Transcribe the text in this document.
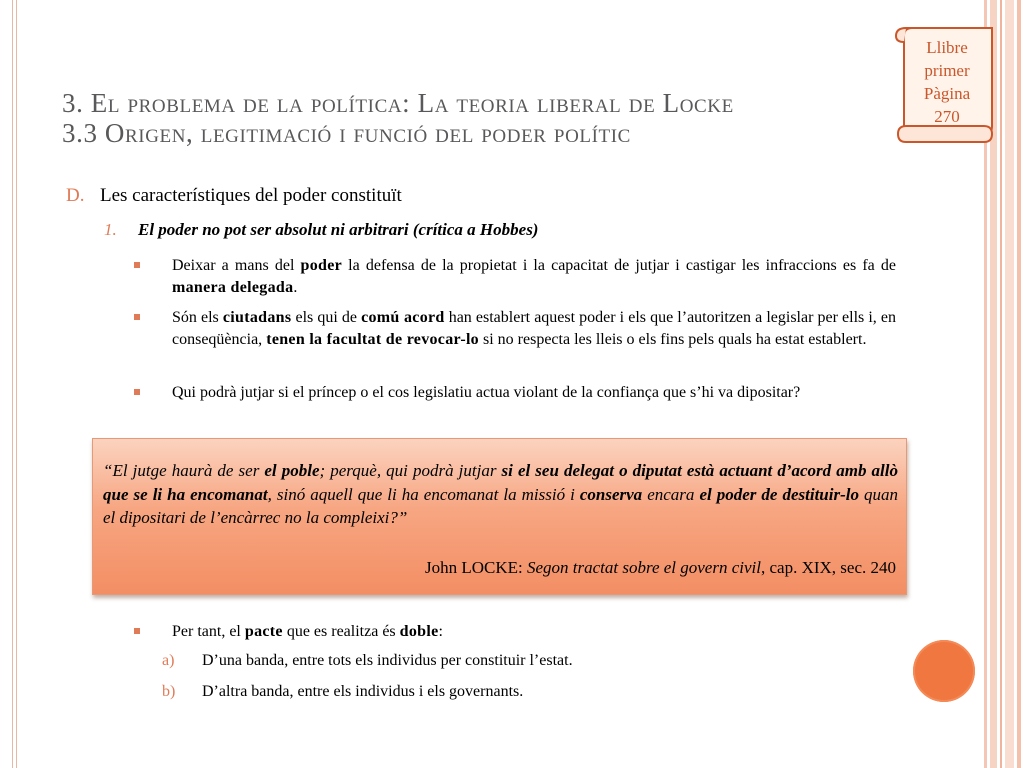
Llibre
primer
Pàgina
270
3. El problema de la política: La teoria liberal de Locke
3.3 Origen, legitimació i funció del poder polític
D. Les característiques del poder constituït
1. El poder no pot ser absolut ni arbitrari (crítica a Hobbes)
Deixar a mans del poder la defensa de la propietat i la capacitat de jutjar i castigar les infraccions es fa de manera delegada.
Són els ciutadans els qui de comú acord han establert aquest poder i els que l’autoritzen a legislar per ells i, en conseqüència, tenen la facultat de revocar-lo si no respecta les lleis o els fins pels quals ha estat establert.
Qui podrà jutjar si el príncep o el cos legislatiu actua violant de la confiança que s’hi va dipositar?
“El jutge haurà de ser el poble; perquè, qui podrà jutjar si el seu delegat o diputat està actuant d’acord amb allò que se li ha encomanat, sinó aquell que li ha encomanat la missió i conserva encara el poder de destituir-lo quan el dipositari de l’encàrrec no la compleixi?”
John LOCKE: Segon tractat sobre el govern civil, cap. XIX, sec. 240
Per tant, el pacte que es realitza és doble:
a) D’una banda, entre tots els individus per constituir l’estat.
b) D’altra banda, entre els individus i els governants.
